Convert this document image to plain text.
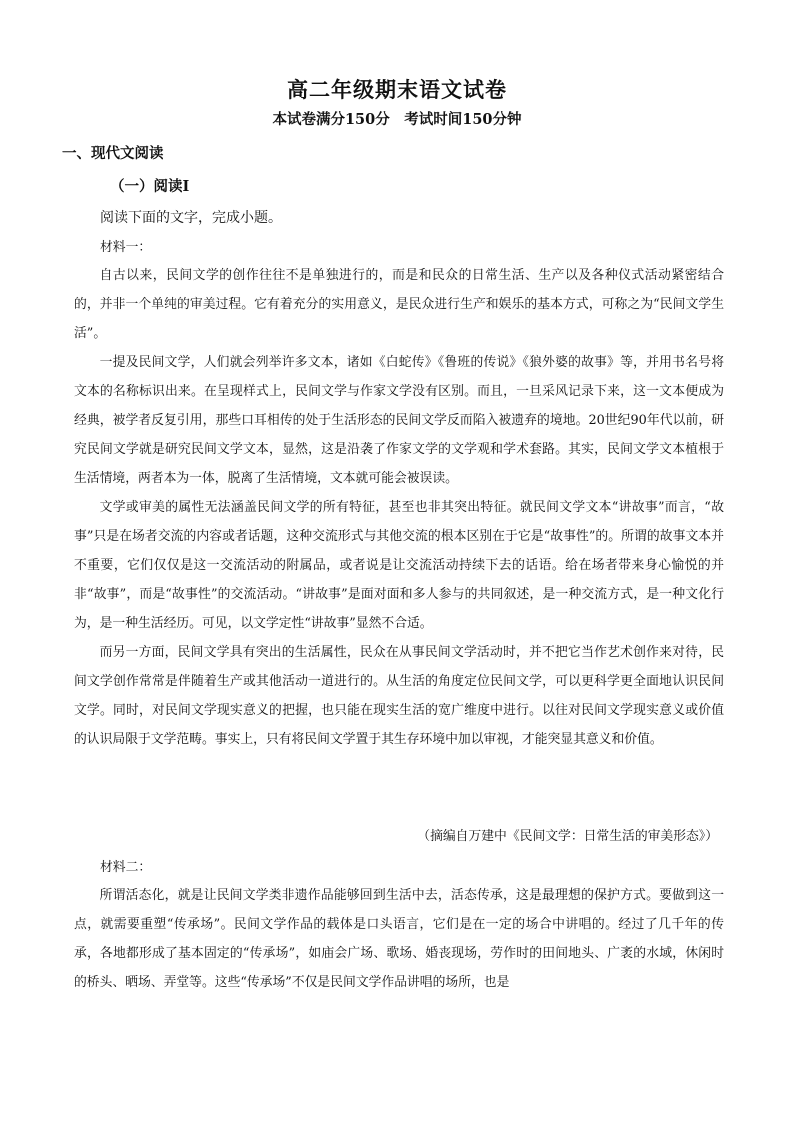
高二年级期末语文试卷
本试卷满分150分　考试时间150分钟
一、现代文阅读
（一）阅读Ⅰ
阅读下面的文字，完成小题。
材料一：

自古以来，民间文学的创作往往不是单独进行的，而是和民众的日常生活、生产以及各种仪式活动紧密结合的，并非一个单纯的审美过程。它有着充分的实用意义，是民众进行生产和娱乐的基本方式，可称之为“民间文学生活”。

一提及民间文学，人们就会列举许多文本，诸如《白蛇传》《鲁班的传说》《狼外婆的故事》等，并用书名号将文本的名称标识出来。在呈现样式上，民间文学与作家文学没有区别。而且，一旦采风记录下来，这一文本便成为经典，被学者反复引用，那些口耳相传的处于生活形态的民间文学反而陷入被遗弃的境地。20世纪90年代以前，研究民间文学就是研究民间文学文本，显然，这是沿袭了作家文学的文学观和学术套路。其实，民间文学文本植根于生活情境，两者本为一体，脱离了生活情境，文本就可能会被误读。

文学或审美的属性无法涵盖民间文学的所有特征，甚至也非其突出特征。就民间文学文本“讲故事”而言，“故事”只是在场者交流的内容或者话题，这种交流形式与其他交流的根本区别在于它是“故事性”的。所谓的故事文本并不重要，它们仅仅是这一交流活动的附属品，或者说是让交流活动持续下去的话语。给在场者带来身心愉悦的并非“故事”，而是“故事性”的交流活动。“讲故事”是面对面和多人参与的共同叙述，是一种交流方式，是一种文化行为，是一种生活经历。可见，以文学定性“讲故事”显然不合适。

而另一方面，民间文学具有突出的生活属性，民众在从事民间文学活动时，并不把它当作艺术创作来对待，民间文学创作常常是伴随着生产或其他活动一道进行的。从生活的角度定位民间文学，可以更科学更全面地认识民间文学。同时，对民间文学现实意义的把握，也只能在现实生活的宽广维度中进行。以往对民间文学现实意义或价值的认识局限于文学范畴。事实上，只有将民间文学置于其生存环境中加以审视，才能突显其意义和价值。

（摘编自万建中《民间文学：日常生活的审美形态》）
材料二：

所谓活态化，就是让民间文学类非遗作品能够回到生活中去，活态传承，这是最理想的保护方式。要做到这一点，就需要重塑“传承场”。民间文学作品的载体是口头语言，它们是在一定的场合中讲唱的。经过了几千年的传承，各地都形成了基本固定的“传承场”，如庙会广场、歌场、婚丧现场，劳作时的田间地头、广袤的水域，休闲时的桥头、晒场、弄堂等。这些“传承场”不仅是民间文学作品讲唱的场所，也是
